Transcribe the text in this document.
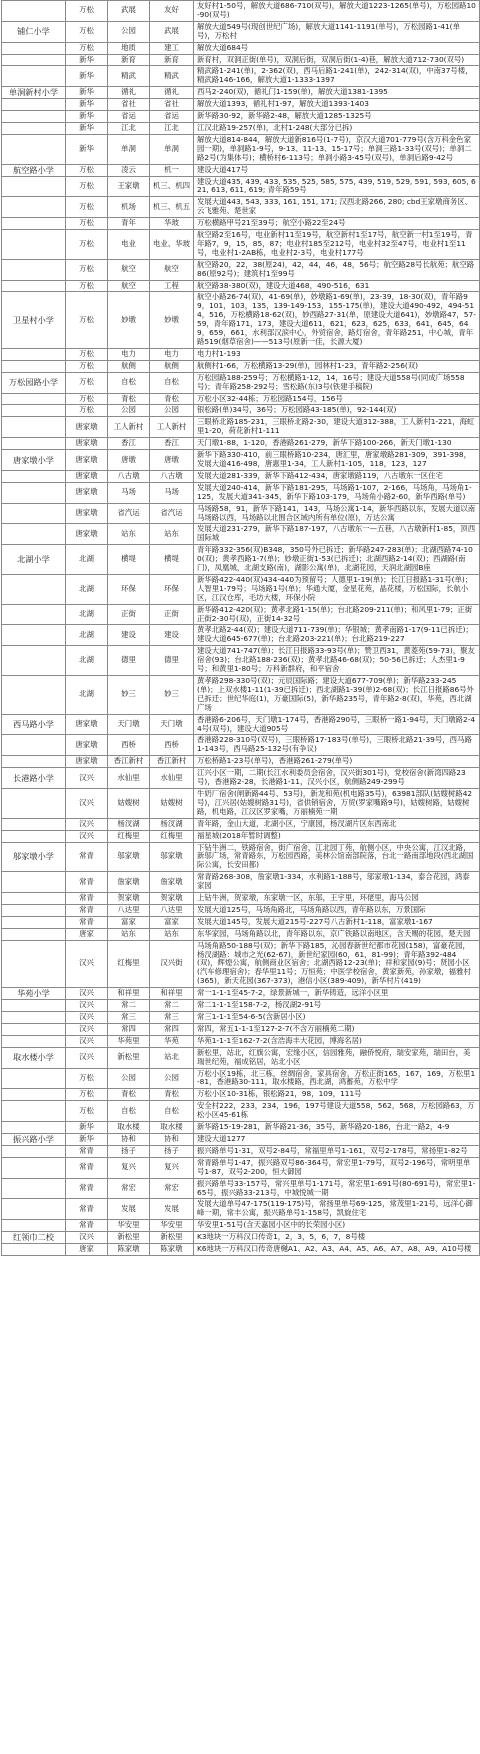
	万松	武展	友好	友好村1-50号，解放大道686-710(双号)，解放大道1223-1265(单号)，万松园路10-90(双号)
铺仁小学	万松	公园	武展	解放大道549号(现创世纪广场)，解放大道1141-1191(单号)，万松园路1-41(单号)，万松村
	万松	地质	建工	解放大道684号
	新华	新育	新育	新育村，双洞正街(单号)，双洞后街，双洞后街(1-4)巷，解放大道712-730(双号)
	新华	精武	精武	精武路1-241(单)，2-362(双)，西马后路1-241(单)，242-314(双)，中南37号楼，精武路146-166，解放大道1-1333-1397
单洞新村小学	新华	循礼	循礼	西马2-240(双)，循礼门1-159(单)，解放大道1381-1395
	新华	省社	省社	解放大道1393，循礼村1-97，解放大道1393-1403
	新华	省运	省运	新华路30-92，新华路2-48，解放大道1285-1325号
	新华	江北	江北	江汉北路19-257(单)，北村1-248(大部分已拆)
	新华	单洞	单洞	解放大道814-844，解放大道新816号(1-7号)，京汉大道701-779号(含万科金色家园一期)，单洞路1-9号，9-13、11-13、15-17号；单洞三路1-33号(双号)；单洞二路2号(为集体号)；横桥村6-113号；单洞小路3-45号(双号)，单洞后路9-42号
航空路小学	万松	凌云	机一	建设大道417号
	万松	王家墩	机三、机四	建设大道435, 439, 433, 535, 525, 585, 575, 439, 519, 529, 591, 593, 605, 621, 613, 611, 619; 青年路59号
	万松	机场	机三、机五	发展大道443, 543, 333, 161, 151, 171; 汉西北路266, 280; cbd王家墩商务区、云飞雅苑、楚世家
	万松	青年	华玻	万松横路甲号21至39号；航空小路22至24号
	万松	电业	电业、华玻	航空路2至16号，电业新村11至19号，航空新村1至17号，航空新一村1至19号，青年路7，9，15，85，87；电业村185至212号，电业村32至47号，电业村1至11号，电业村1-2AB栋，电业村2-3号，电业村177号
	万松	航空	航空	航空路20，22，38(原24)，42，44，46，48，56号；航空路28号长航苑；航空路86(原92号)；建筑村1至99号
	万松	航空	工程	航空路38-380(双)，建设大道468，490-516，631
卫星村小学	万松	妙墩	妙墩	航空小路26-74(双)，41-69(单)，妙墩路1-69(单)，23-39，18-30(双)，青年路99，101，103，135，139-149-153，155-175(单)，建设大道490-492，494-514，516，万松横路18-62(双)，妙西路27-31(单，原建设大道641)，妙墩路47，57-59，青年路171，173，建设大道611，621，623，625，633，641，645，649，659，661，水利部汉滨中心，外贸宿舍，路灯宿舍，青年路251，中心城，青年路519(烟草宿舍)——513号(原新一佳，长源大厦)
	万松	电力	电力	电力村1-193
	万松	航侧	航侧	航侧村1-66，万松横路13-29(单)，园林村1-23，青年路2-256(双)
万松园路小学	万松	自松	自松	万松园路188-259号；万松横路1-12，14，16号；建设大道558号(同成广场558号)；青年路258-292号；雪松路(东)3号(铁建手稿院)
	万松	青松	青松	万松小区32-44栋；万松园路154号，156号
	万松	公园	公园	银松路(单)34号，36号；万松园路43-185(单)，92-144(双)
	唐家墩	工人新村	工人新村	三眼桥北路185-231，三眼桥北路2-30，建设大道312-388，工人新村1-221，海虹里1-20，荷花新村1-111
	唐家墩	香江	香江	天门墩1-88，1-120，香港路261-279，新华下路100-266，新天门墩1-130
唐家墩小学	唐家墩	唐墩	唐墩	新华下路330-410，前三眼桥路10-234，唐汇里，唐家墩路281-309，391-398，发展大道416-498，唐惠里1-34，工人新村1-105，118，123，127
	唐家墩	八古墩	八古墩	发展大道281-339，新华下路412-434，唐家墩路119，八古墩东一区住宅
	唐家墩	马场	马场	发展大道240-414，新华下路181-295，马场路1-107，2-166，马场角，马场角1-125，发展大道341-345，新华下路103-179，马场角小路2-60，新华西路(单号)
	唐家墩	省汽运	省汽运	马场路58，91，新华下路141，143，马场公寓1-14，新华西路以东，发展大道以南马场路以西，马场路以北围合区域内所有单位(原)，万达公寓
	唐家墩	站东	站东	发展大道231-279，新华下路187-197，八古墩东一—五巷，八古墩新村1-85，顶西国际城
北湖小学	北湖	横堤	横堤	青年路332-356(双)B348，350号外已拆迁；新华路247-283(单)；北湖西路74-100(双)；黄孝西路1-7(单)；妙墩正街1-53(已拆迁)；北湖西路2-14(双)；西湖路(南门)，凤凰城，北湖支路(南)，湖影公寓(单)，北湖花园，天润北湖园B座
	北湖	环保	环保	新华路422-440(双)434-440为预留号；人德里1-19(单)；长江日报路1-31号(单)；人智里1-79号；马场路1号(单)；华通大厦，金星花苑，晶花楼，万松国际，长航小区，江汉仓库，毛坊大楼，环保小院
	北湖	正街	正街	新华路412-420(双)；黄孝北路1-15(单)；台北路209-211(单)；和风里1-79；正街正街2-30号(双)，正街14-32号
	北湖	建设	建设	黄孝北路2-44(双)；建设大道711-739(单)；华银城；黄孝南路1-17(9-11已拆迁)；建设大道645-677(单)；台北路203-221(单)；台北路219-227
	北湖	德里	德里	建设大道741-747(单)；长江日报路33-93号(单)；赞卫西31，黄菱苑(59-73)，聚友宿舍(93)；台北路188-236(双)；黄孝北路46-68(双)；50-56已拆迁；人杰里1-9号；和黄里1-80号；万科新群府，和平宿舍
	北湖	妙三	妙三	黄孝路298-330号(双)；元辰国际路；建设大道677-709(单)；新华路233-245(单)；上双水楼1-11(1-39已拆迁)；西北湖路1-39(单)2-68(双)；长江日报路86号外已拆迁；世纪华庭(1)，万豪国际(5)，新华路235号，青年路2-8(双)，华苑，西北湖广场
西马路小学	唐家墩	天门墩	天门墩	香港路6-206号，天门墩1-174号，香港路290号，三眼桥一路1-94号，天门墩路2-44号(双号)，建设大道905号
	唐家墩	西桥	西桥	香港路228-310号(双号)，三眼桥路17-183号(单号)，三眼桥北路21-39号，西马路1-143号，西马路25-132号(有争议)
	唐家墩	香江新村	香江新村	万松桥路1-23号(单号)，香港路261-279(单号)
长港路小学	汉兴	水仙里	水仙里	江兴小区一期，二期(长江水利委员会宿舍，汉兴街301号)，党校宿舍(新湾四路23号)，香港路2-28，长港路1-11，汉兴小区，航侧路249-299号
	汉兴	姑嫂树	姑嫂树	牛奶厂宿舍(闸新路44号、53号)，新龙和苑(机电路35号)，63981部队(姑嫂树路42号)，江兴居(姑嫂树路31号)，省供销宿舍，万贸(罗家嘴路9号)，姑嫂树路，姑嫂树路，机电路，江汉区罗家嘴，万丽楠苑一期
	汉兴	杨汊湖	杨汊湖	青年路，金山大道，北湖小区，宁康园，杨汊湖片区东西南北
	汉兴	红梅里	红梅里	福星城(2018年暂时调整)
邬家墩小学	常青	邬家墩	邬家墩	下钻牛洲二，铁路宿舍，街广宿舍，江北园丁苑，航侧小区，中央公寓，江汉北路，新邬广场，常青路东，万松园西路，美林公馆南部院落，台北一路南部地段(西北湖国际公寓，长安田都)
	常青	詹家墩	詹家墩	常青路268-308，詹家墩1-334，水利路1-188号，邬家墩1-134，泰合花园，鸿泰家园
	常青	贺家墩	贺家墩	上钻牛洲，贺家墩，东家墩一区，东邬，王宇里，环佬里，海马公园
	常青	八达里	八达里	发展大道125号，马场角路北，马场角路以西，青年路以东，万景国际
	常青	富家	富家	发展大道145号，发展大道215号-227号八古新村1-118，富家墩1-167
	唐家	站东	站东	东华家园，马场角路以北，青年路以东，京广铁路以南地区，含天赐的花园，楚天园
	汉兴	红梅里	汉兴街	马场角路50-188号(双)；新华下路185，沁园春新世纪都市花园(158)，富豪花园，杨汊湖路：城市之光(62-67)，新世纪家园(60，61，81-99)；青年路392-484(双)，辉煌公寓，航侧商业区宿舍；北湖西路12-23(单)；祥和家园(9)号；贤园小区(汽车修理宿舍)；春华里11号；万恒苑；中医学校宿舍，黄家新苑，孙家墩，福雅村(365)，新天花园(367-373)，港信小区(389-409)，新华村片(419)
华苑小学	汉兴	和祥里	和祥里	常一1-1-1至45-7-2，绿景新城一，新华铸造，远洋小区里
	汉兴	常二	常二	常二1-1-1至158-7-2，杨汊湖2-91号
	汉兴	常三	常三	常三1-1-1至54-6-5(含新居小区)
	汉兴	常四	常四	常四，常五1-1-1至127-2-7(不含万丽楠苑二期)
	汉兴	华苑里	华苑	华苑1-1-1至162-7-2(含浩海丰大花园，博海名居)
取水楼小学	汉兴	新松里	站北	新松里，站北，红旗公寓，宏缘小区，信园雅苑，融侨悦府，瑞安家苑，瑞田台，美瑞世纪苑，福成铭居，站北小区
	万松	公园	公园	万松小区19栋，北三栋，丝绸宿舍，家具宿舍，万松正街165，167，169，万松里1-81，香港路30-111，取水楼路，西北湖，鸿蓄苑，万松中学
	万松	青松	青松	万松小区10-31栋，银松路21，98，109，111号
	万松	自松	自松	安全村222，233，234，196，197号建设大道558，562，568，万松园路63，万松小区45-61栋
	新华	取水楼	取水楼	新华路15-19-281，新华路21-36，35号，新华路20-186，台北一路2，4-9
振兴路小学	新华	协和	协和	建设大道1277
	常青	扬子	扬子	振兴路单号1-31，双号2-84号，常福里单号1-161，双号2-178号，常扬里1-82号
	常青	复兴	复兴	常青路单号1-47，振兴路双号86-364号，常宏里1-79号，双号2-196号，常明里单号1-87，双号2-200，恒大御园
	常青	常宏	常宏	振兴路单号33-157号，常兴里单号1-171号，常宏里1-691号(80-691号)，常宏里1-65号，振兴路33-213号，中城悦城一期
	常青	发展	发展	发展大道单号47-175(119-175)号，常扬里单号69-125，常茂里1-21号，远洋心御峰一期，常丰公寓，振兴路单号1-158号，凯旋住宅
	常青	华安里	华安里	华安里1-51号(含天嘉园小区中的长荣园小区)
红领巾二校	汉兴	新松里	新松里	K3地块一万科汉口传奇1，2，3，5，6，7，8号楼
	唐家	陈家墩	陈家墩	K6地块一万科汉口传奇唐樾A1、A2、A3、A4、A5、A6、A7、A8、A9、A10号楼
